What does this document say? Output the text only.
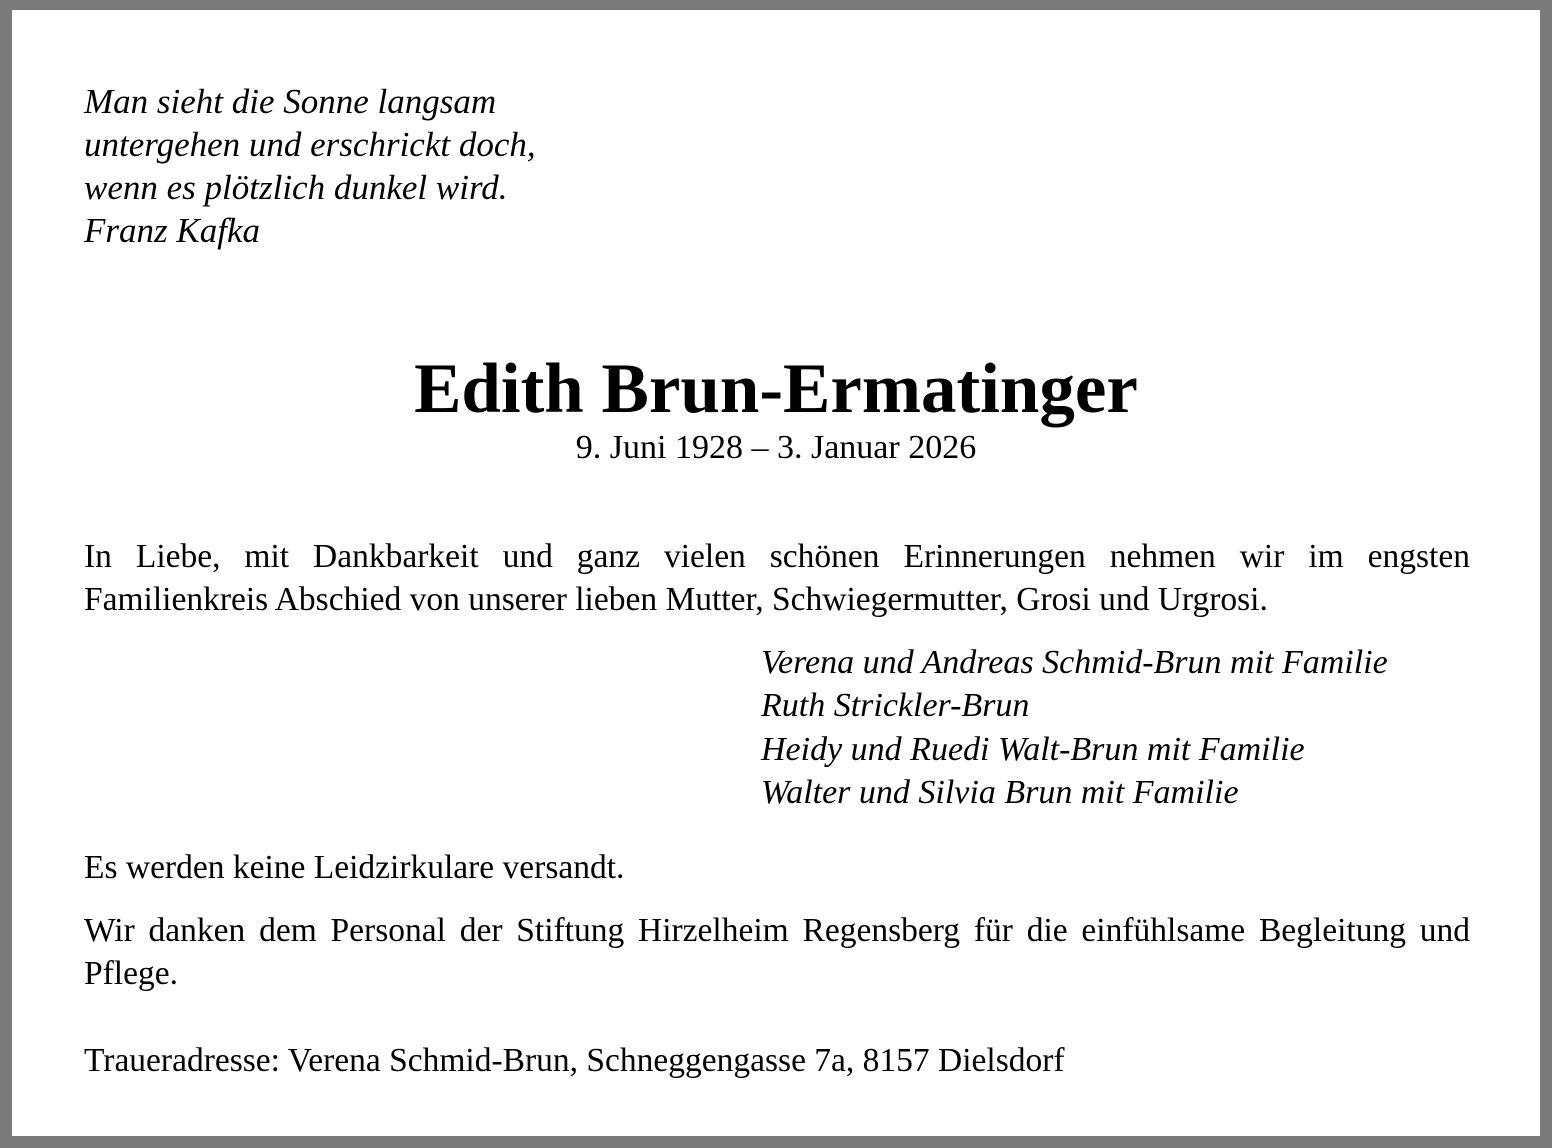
Man sieht die Sonne langsam
untergehen und erschrickt doch,
wenn es plötzlich dunkel wird.
Franz Kafka
Edith Brun-Ermatinger
9. Juni 1928 – 3. Januar 2026
In Liebe, mit Dankbarkeit und ganz vielen schönen Erinnerungen nehmen wir im engsten Familienkreis Abschied von unserer lieben Mutter, Schwiegermutter, Grosi und Urgrosi.
Verena und Andreas Schmid-Brun mit Familie
Ruth Strickler-Brun
Heidy und Ruedi Walt-Brun mit Familie
Walter und Silvia Brun mit Familie
Es werden keine Leidzirkulare versandt.
Wir danken dem Personal der Stiftung Hirzelheim Regensberg für die einfühlsame Begleitung und Pflege.
Traueradresse: Verena Schmid-Brun, Schneggengasse 7a, 8157 Dielsdorf
